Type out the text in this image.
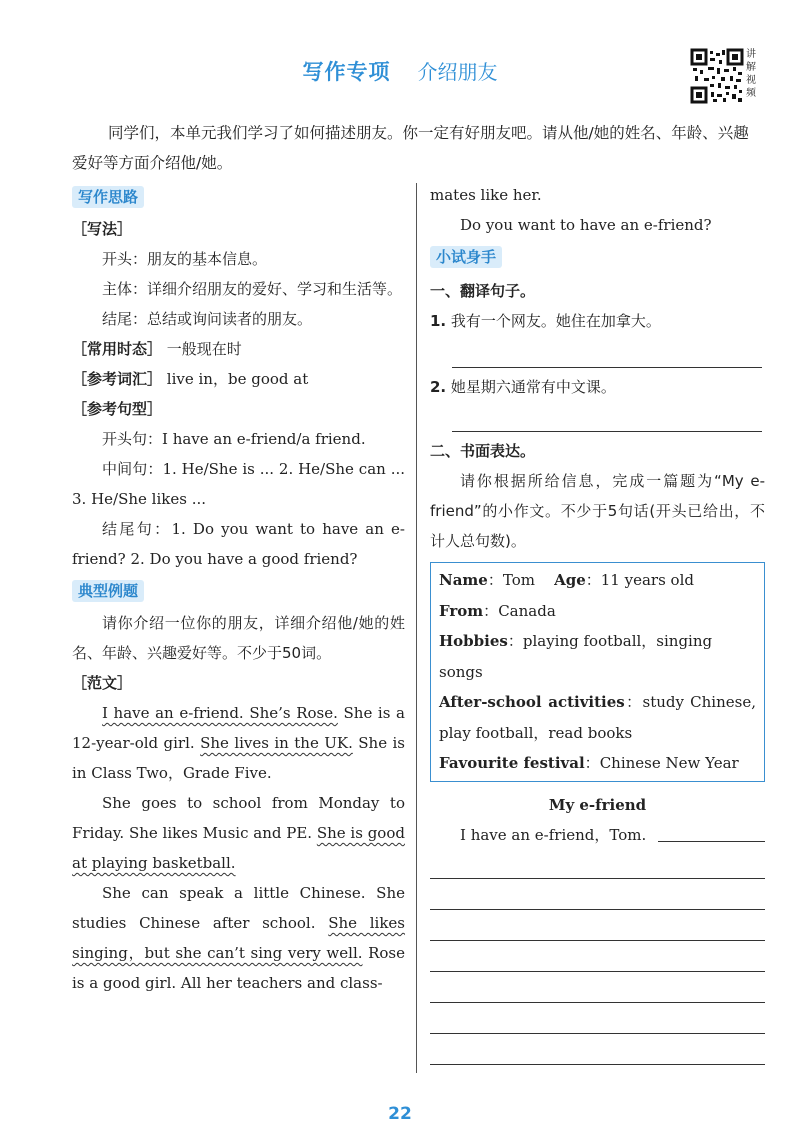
写作专项 介绍朋友
讲解视频
同学们，本单元我们学习了如何描述朋友。你一定有好朋友吧。请从他/她的姓名、年龄、兴趣爱好等方面介绍他/她。
写作思路

［写法］

开头：朋友的基本信息。

主体：详细介绍朋友的爱好、学习和生活等。

结尾：总结或询问读者的朋友。

［常用时态］ 一般现在时

［参考词汇］ live in，be good at

［参考句型］

开头句：I have an e-friend/a friend.

中间句：1. He/She is ... 2. He/She can ... 3. He/She likes ...

结尾句：1. Do you want to have an e-friend? 2. Do you have a good friend?

典型例题

请你介绍一位你的朋友，详细介绍他/她的姓名、年龄、兴趣爱好等。不少于50词。

［范文］

I have an e-friend. She’s Rose. She is a 12-year-old girl. She lives in the UK. She is in Class Two，Grade Five.

She goes to school from Monday to Friday. She likes Music and PE. She is good at playing basketball.

She can speak a little Chinese. She studies Chinese after school. She likes singing，but she can’t sing very well. Rose is a good girl. All her teachers and class-

mates like her.

Do you want to have an e-friend?

小试身手

一、翻译句子。

1. 我有一个网友。她住在加拿大。

2. 她星期六通常有中文课。

二、书面表达。

请你根据所给信息，完成一篇题为“My e-friend”的小作文。不少于5句话(开头已给出，不计人总句数)。

Name：Tom Age：11 years old
From：Canada
Hobbies：playing football，singing songs
After-school activities：study Chinese, play football，read books
Favourite festival：Chinese New Year

My e-friend

I have an e-friend，Tom.
22
